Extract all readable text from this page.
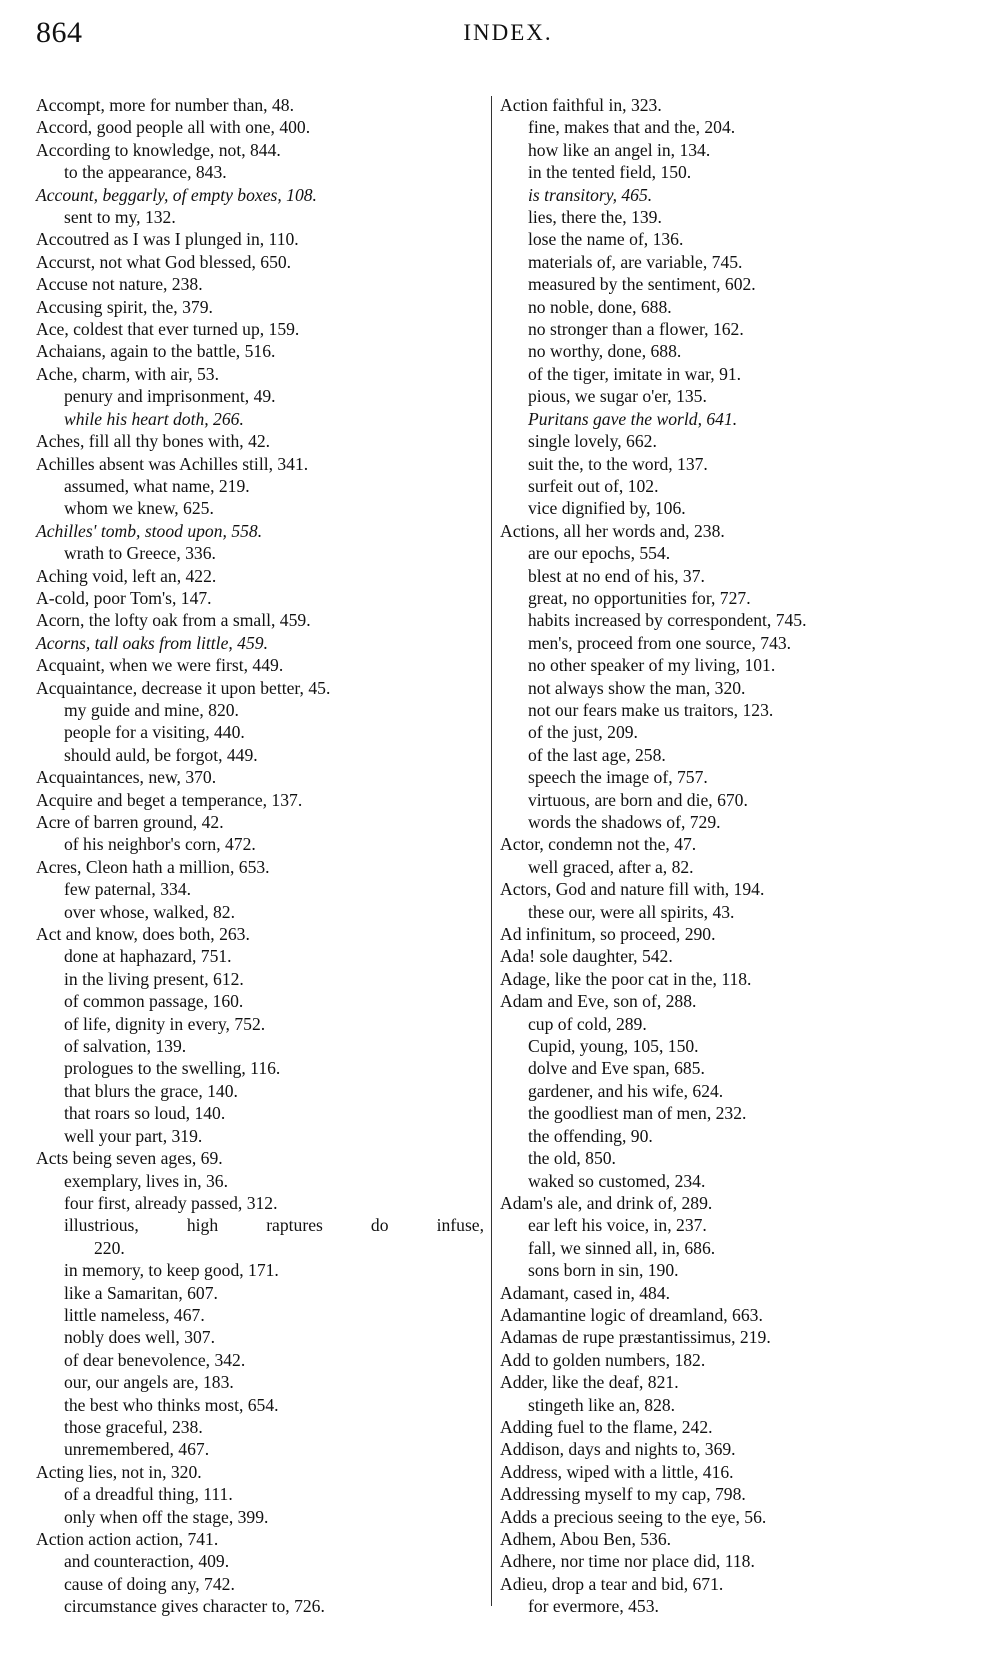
864	INDEX.

Accompt, more for number than, 48.

Accord, good people all with one, 400.

According to knowledge, not, 844.

to the appearance, 843.

Account, beggarly, of empty boxes, 108.

sent to my, 132.

Accoutred as I was I plunged in, 110.

Accurst, not what God blessed, 650.

Accuse not nature, 238.

Accusing spirit, the, 379.

Ace, coldest that ever turned up, 159.

Achaians, again to the battle, 516.

Ache, charm, with air, 53.

penury and imprisonment, 49.

while his heart doth, 266.

Aches, fill all thy bones with, 42.

Achilles absent was Achilles still, 341.

assumed, what name, 219.

whom we knew, 625.

Achilles' tomb, stood upon, 558.

wrath to Greece, 336.

Aching void, left an, 422.

A-cold, poor Tom's, 147.

Acorn, the lofty oak from a small, 459.

Acorns, tall oaks from little, 459.

Acquaint, when we were first, 449.

Acquaintance, decrease it upon better, 45.

my guide and mine, 820.

people for a visiting, 440.

should auld, be forgot, 449.

Acquaintances, new, 370.

Acquire and beget a temperance, 137.

Acre of barren ground, 42.

of his neighbor's corn, 472.

Acres, Cleon hath a million, 653.

few paternal, 334.

over whose, walked, 82.

Act and know, does both, 263.

done at haphazard, 751.

in the living present, 612.

of common passage, 160.

of life, dignity in every, 752.

of salvation, 139.

prologues to the swelling, 116.

that blurs the grace, 140.

that roars so loud, 140.

well your part, 319.

Acts being seven ages, 69.

exemplary, lives in, 36.

four first, already passed, 312.

illustrious, high raptures do infuse,

220.

in memory, to keep good, 171.

like a Samaritan, 607.

little nameless, 467.

nobly does well, 307.

of dear benevolence, 342.

our, our angels are, 183.

the best who thinks most, 654.

those graceful, 238.

unremembered, 467.

Acting lies, not in, 320.

of a dreadful thing, 111.

only when off the stage, 399.

Action action action, 741.

and counteraction, 409.

cause of doing any, 742.

circumstance gives character to, 726.

Action faithful in, 323.

fine, makes that and the, 204.

how like an angel in, 134.

in the tented field, 150.

is transitory, 465.

lies, there the, 139.

lose the name of, 136.

materials of, are variable, 745.

measured by the sentiment, 602.

no noble, done, 688.

no stronger than a flower, 162.

no worthy, done, 688.

of the tiger, imitate in war, 91.

pious, we sugar o'er, 135.

Puritans gave the world, 641.

single lovely, 662.

suit the, to the word, 137.

surfeit out of, 102.

vice dignified by, 106.

Actions, all her words and, 238.

are our epochs, 554.

blest at no end of his, 37.

great, no opportunities for, 727.

habits increased by correspondent, 745.

men's, proceed from one source, 743.

no other speaker of my living, 101.

not always show the man, 320.

not our fears make us traitors, 123.

of the just, 209.

of the last age, 258.

speech the image of, 757.

virtuous, are born and die, 670.

words the shadows of, 729.

Actor, condemn not the, 47.

well graced, after a, 82.

Actors, God and nature fill with, 194.

these our, were all spirits, 43.

Ad infinitum, so proceed, 290.

Ada! sole daughter, 542.

Adage, like the poor cat in the, 118.

Adam and Eve, son of, 288.

cup of cold, 289.

Cupid, young, 105, 150.

dolve and Eve span, 685.

gardener, and his wife, 624.

the goodliest man of men, 232.

the offending, 90.

the old, 850.

waked so customed, 234.

Adam's ale, and drink of, 289.

ear left his voice, in, 237.

fall, we sinned all, in, 686.

sons born in sin, 190.

Adamant, cased in, 484.

Adamantine logic of dreamland, 663.

Adamas de rupe præstantissimus, 219.

Add to golden numbers, 182.

Adder, like the deaf, 821.

stingeth like an, 828.

Adding fuel to the flame, 242.

Addison, days and nights to, 369.

Address, wiped with a little, 416.

Addressing myself to my cap, 798.

Adds a precious seeing to the eye, 56.

Adhem, Abou Ben, 536.

Adhere, nor time nor place did, 118.

Adieu, drop a tear and bid, 671.

for evermore, 453.
